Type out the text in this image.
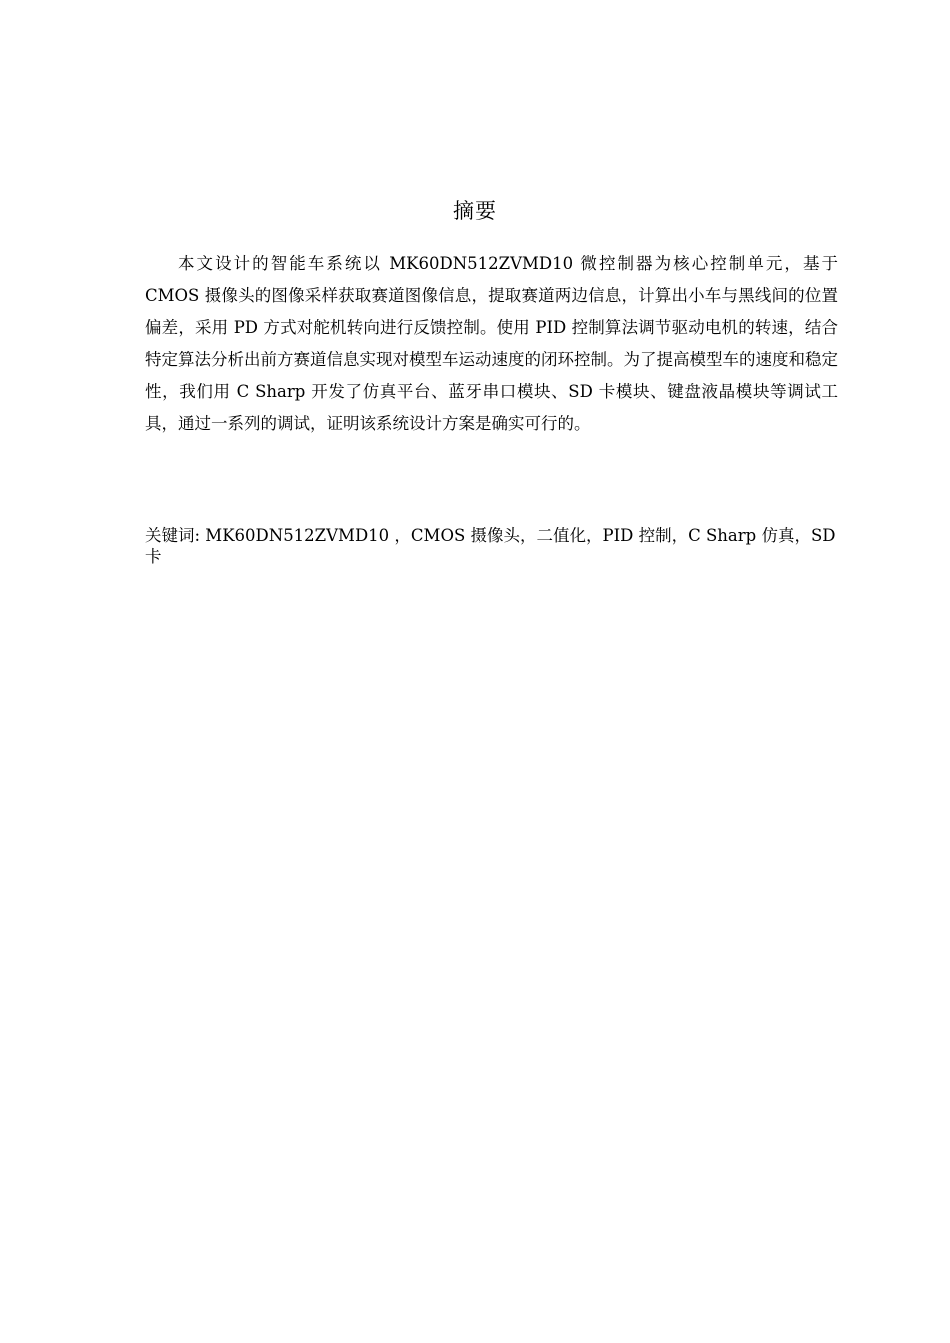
摘要

本文设计的智能车系统以 MK60DN512ZVMD10 微控制器为核心控制单元，基于 CMOS 摄像头的图像采样获取赛道图像信息，提取赛道两边信息，计算出小车与黑线间的位置偏差，采用 PD 方式对舵机转向进行反馈控制。使用 PID 控制算法调节驱动电机的转速，结合特定算法分析出前方赛道信息实现对模型车运动速度的闭环控制。为了提高模型车的速度和稳定性，我们用 C Sharp 开发了仿真平台、蓝牙串口模块、SD 卡模块、键盘液晶模块等调试工具，通过一系列的调试，证明该系统设计方案是确实可行的。

关键词: MK60DN512ZVMD10 ，CMOS 摄像头，二值化，PID 控制，C Sharp 仿真，SD 卡
